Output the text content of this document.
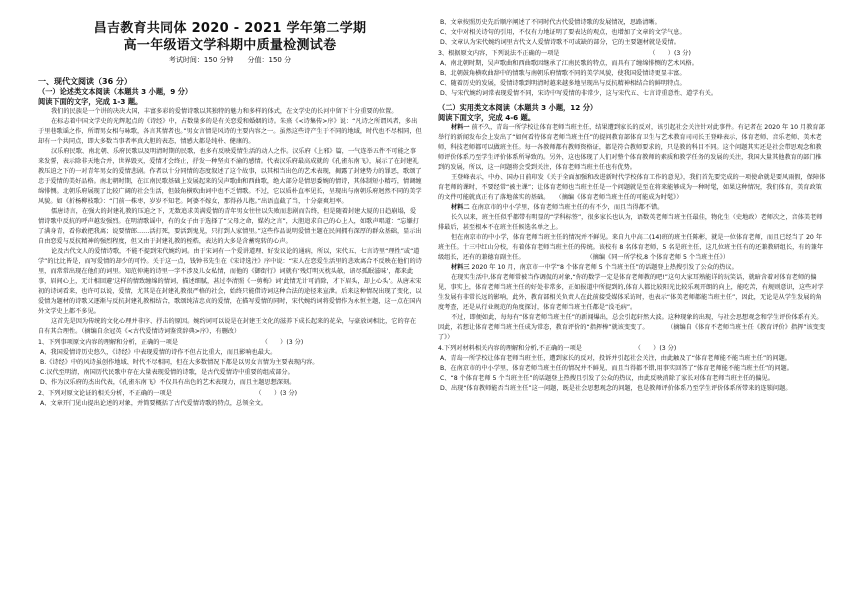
昌吉教育共同体 2020 - 2021 学年第二学期
高一年级语文学科期中质量检测试卷
考试时间：150 分钟　　分值：150 分
一、现代文阅读（36 分）
（一）论述类文本阅读（本题共 3 小题，9 分）
阅读下面的文字，完成 1-3 题。

我们的民族是一个讲的决决大国，丰富多彩的爱情诗歌以其独特的魅力和多样的体式，在文学史的长河中留下十分重要的位置。

在标志着中国文学史的光辉起点的《诗经》中，占数量多的是有关恋爱和婚姻的诗。朱熹《<诗集传>序》说：“凡诗之所谓风者，多出于里巷歌谣之作，所谓男女相与咏歌，各言其情者也。”男女言情是风诗的主要内容之一。虽然这些诗产生于不同的地域，时代也不尽相同，但却有一个共同点，即大多数当事者率真大胆的表态，情感大都是纯朴、健康的。

汉乐府民歌、南北朝、乐府民歌以及明清时期的民歌，也多有反映爱情生活的动人之作。汉乐府《上邪》篇，一气连举五件不可能之事来发誓，表示除非天地合并，世界毁灭，爱情才会终止，抒发一种坚贞不渝的感情。代表汉乐府最高成就的《孔雀东南飞》，展示了在封建礼教压迫之下的一对青年男女的爱情悲剧。作者以十分同情的态度叙述了这个故事，以其相当出色的艺术表现，揭露了封建势力的罪恶，歌颂了忠于爱情的美好品格。南北朝时期，在江南民歌基础上发展起来的吴声歌曲和西曲歌，绝大部分是情思委婉的情诗，其体制短小精巧，情调缠绵悱恻。北朝乐府展现了比较广阔的社会生活，但鼓角横吹曲词中也不乏情歌。不过，它以质朴直率见长，呈现出与南朝乐府迥然不同的美学风貌。如《折杨柳枝歌》：“门前一株枣，岁岁不知老。阿婆不嫁女，那得孙儿抱。”出语直截了当，十分豪爽坦率。

儒唐诗言，在强大的封建礼教的压迫之下，无数追求美满爱情的青年男女往往以失败而悲剧而告终，但是随着封建大厦的日趋崩塌，爱情诗歌中反抗的呼声越发强烈。在明清歌谣中，有的女子由于选择了“父母之命，媒妁之言”，大胆追求自己的心上人，如歌声唱道：“忘嫌打了满身青，看你敢把我离；说要情郎……活打死，要活到鬼见，只打到人家情里。”这些作品说明爱情主题在民间拥有深厚的群众基础，显示出自由恋爱与反抗精神的强烈程度，但又由于封建礼教的桎梏，表达的大多是含蓄宛转的心声。

论及古代文人的爱情诗歌，不能不提到宋代婉约词。由于宋词有一个爱讲道理、好发议论的通病，所以，宋代五、七言诗里“理性”或“道学”的比比皆是，而写爱情的却少的可怜。关于这一点，钱钟书先生在《宋诗选注》序中说：“宋人在恋爱生活里的悲欢离合不反映在他们的诗里，而常常出现在他们的词里。知范仲淹的诗里一字不涉及儿女私情，而他的《御街行》词就有‘残灯明灭枕头欹，谙尽孤眠滋味’，都来此事，眉间心上，无计相回避’这样的情致缠绵的情词，描述细腻，甚过李清照《一剪梅》词‘此情无计可消除，才下眉头，却上心头’。从唐末宋初的诗词看来，也许可以说，爱情，尤其是在封建礼教很严格的社会，始终只能借诗词这种合法的途径来宣泄。后来这种情况出现了变化，以爱情为题材的诗歌又逐渐与反抗封建礼教相结合，歌颂纯洁忠贞的爱情，在描写爱情的同时，宋代婉约词将爱情作为永恒主题，这一点在国内外文学史上都不多见。

这首先是因为传统的文化心理并非序、抒击的原因。婉约词可以说是在封建王文化的滋养下成长起来的花朵，与豪放词相比，它的存在自有其合理性。（摘编自余冠英《<古代爱情诗词鉴赏辞典>序》，有删改）

1、下列事项原文内容的理解和分析，正确的一项是　　　　　　　　　　　　　　（　　）(3 分)
A、我国爱情诗历史悠久，《诗经》中表现爱情的诗作不但占比重大，而且影响也最大。
B.《诗经》中的风诗虽创作地域、时代不尽相同，但在大多数情况下都是以男女言情为主要表现内容。
C.汉代至明清，南国历代民歌中存在大量表现爱情的诗歌，是古代爱情诗中重要的组成部分。
D、作为汉乐府的杰出代表，《孔雀东南飞》不仅具有出色的艺术表现力，而且主题思想深刻。
2、下列对原文论证的相关分析，不正确的一项是　　　　　　　　　　　　　　（　　）(3 分)
A、文章开门见山提出论述的对象，并简要概括了古代爱情诗歌的特点，总领全文。
B、文章按照历史先后顺序阐述了不同时代古代爱情诗歌的发展情况，思路清晰。
C、文中对相关诗句的引用，不仅有力地证明了要表达的观点，也增加了文章的文学气息。
D、文章认为宋代婉约词里古代文人爱情诗歌不可或缺的部分，它的主要题材就是爱情。
3、根据原文内容，下列说法不正确的一项是　　　　　　　　　　　　　　　（　　）(3 分)
A、南北朝时期，吴声歌曲和西曲歌因继承了江南民歌的特点，而具有了缠绵悱恻的艺术风格。
B、北朝鼓角横吹曲辞中的情歌与南朝乐府情歌不同的美学风貌，使我国爱情诗更显丰富。
C、随着历史的发展，爱情诗歌到明清时越来越多地呈现出与反抗精神相结合的鲜明特点。
D、与宋代婉约词常表现爱情不同，宋诗中写爱情的非常少，这与宋代五、七言诗重意性、道学有关。
（二）实用类文本阅读（本题共 3 小题，12 分）
阅读下面文字，完成 4-6 题。

材料一 前不久，青岛一所学校让体育老师当班主任，结果遭到家长的反对，该引起社会关注针对此事件。有记者在 2020 年 10 月教育部举行的新闻发布会上发出了“如何看待体育老师当班主任”的提问教育部体育卫生与艺术教育司司长王登峰表示，体育老师、音乐老师、美术老师，科技老师都可以做班主任。每一各教师都有教师资格证，都是符合教师要求的，只是教的科目不同。这个问题其实还是社会带思观念和教师评价体系乃至学生评价体系所导致的。另外，这也体现了人们对整个体育教师的素质和教学任务的发展的关注，我国大量其他教育的部门推到的发展，所以，这一问题将会受到关注，体育老师当班主任也有优势。

王登峰表示，中办、国办日前印发《关于全面加强和改进新时代学校体育工作的意见》，我们首先要完成的一项使命就是要风雨假，保障体育老师的课时，不要经常“被主课”；让体育老师也当班主任是一个问题就是至在将来能够成为一种时髦，如果这种情况，我们体育，美育政策的文件可能就真正有了落地落实的基础。　　（摘编《体育老师当班主任的可能成为时髦》）

材料二 在南京市的中小学里，体育老师当班主任的有不少，而且当得都不错。

长久以来，班主任似乎都带有明显的“学科标签”，很多家长也认为，语数英老师当班主任最佳，物化生（史地政）老师次之，音体美老师排最后，甚至根本不在班主任候选名单之上。

但在南京市的中小学，体育老师当班主任的情况并不鲜见。来自九中高二(14)班的班主任陈彬，就是一位体育老师，而且已经当了 20 年班主任。十三中红山分校，有着体育老师当班主任的传统。该校有 8 名体育老师，5 名是班主任，这几位班主任有的还兼教研组长，有的兼年级组长，还有的兼德育副主任。　　　　　　　　　　　（摘编《同一所学校,8 个体育老师 5 个当班主任》）

材料三 2020 年 10 月，南京市一中学“8 个体育老师 5 个当班主任”的话题登上热搜引发了公众的热议。

在现实生活中,体育老师常被当作调侃的对象,“你的数学一定是体育老师教的吧!”这句大家耳熟能详的玩笑话，就暗含着对体育老师的偏见，事实上，体育老师当班主任的好处非常多，正如报道中所提到的,体育人都比较阳光比较乐观开朗的向上，能吃苦，有规则意识，这些对学生发展有非常长远的影响，此外，教育部相关负责人在此前接受媒体采访时，也表示“体美老师都能当班主任”，因此，无论是从学生发展的角度考查，还是从行业规范的角度探讨，体育老师当班主任都是“没毛病”。

不过，即便如此，每每有“体育老师当班主任”的新闻爆出，总会引起轩然大波。这种现象的出现，与社会思想观念和学生评价体系有关。因此，若想让体育老师当班主任成为常态，教育评价的“指挥棒”就该变变了。　　　　（摘编自《体育不老师当班主任《教育评价》指挥”该变变了》）

4.下列对材料相关内容的理解和分析,不正确的一项是　　　　　　　　　（　　）(3 分)
A、青岛一所学校让体育老师当班主任，遭到家长的反对，投诉并引起社会关注，由此触及了“体育老师能不能当班主任”的问题。
B、在南京市的中小学里，体育老师当班主任的情况并不鲜见，而且当得都不错,用事实回答了“体育老师能不能当班主任”的问题。
C、“8 个体育老师 5 个当班主任”的话题登上热搜且引发了公众的热议，由此反映消除了家长对体育老师当班主任的偏见。
D、出现“体育教师能否当班主任”这一问题，既是社会思想观念的问题，也是教师评价体系乃至学生评价体系所带来的连锁问题。
